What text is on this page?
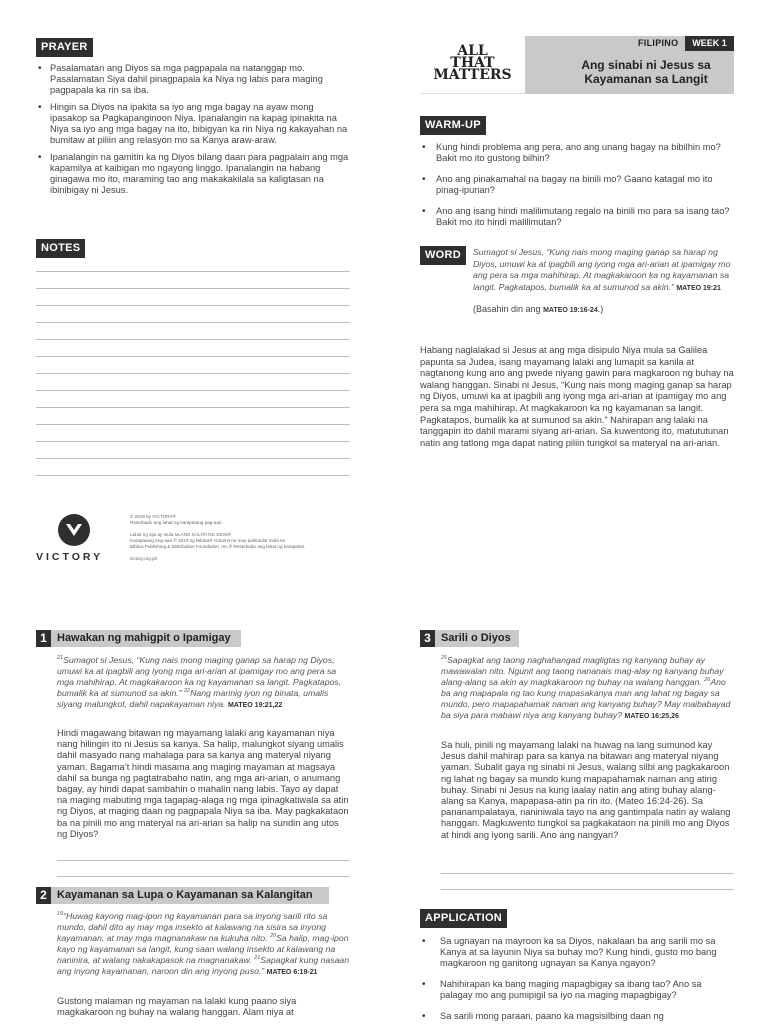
PRAYER
• Pasalamatan ang Diyos sa mga pagpapala na natanggap mo. Pasalamatan Siya dahil pinagpapala ka Niya ng labis para maging pagpapala ka rin sa iba.
• Hingin sa Diyos na ipakita sa iyo ang mga bagay na ayaw mong ipasakop sa Pagkapanginoon Niya. Ipanalangin na kapag ipinakita na Niya sa iyo ang mga bagay na ito, bibigyan ka rin Niya ng kakayahan na bumitaw at piliin ang relasyon mo sa Kanya araw-araw.
• Ipanalangin na gamitin ka ng Diyos bilang daan para pagpalain ang mga kapamilya at kaibigan mo ngayong linggo. Ipanalangin na habang ginagawa mo ito, maraming tao ang makakakilala sa kaligtasan na ibinibigay ni Jesus.
NOTES
VICTORY
© 2018 by VICTORY®
Reserbado ang lahat ng karapatang pag-aari.
Lahat ng sipi ay mula sa ANG SALITA NG DIOS®
Karapatang Ang-aari © 2010 ng Biblica® Ginamit na may pahintulot mula sa
Biblica Publishing & Distribution Foundation, Inc.® Reserbado ang lahat ng karapatan.
victory.org.ph
ALL
THAT
MATTERS
FILIPINO	WEEK 1
Ang sinabi ni Jesus sa
Kayamanan sa Langit
WARM-UP
• Kung hindi problema ang pera, ano ang unang bagay na bibilhin mo? Bakit mo ito gustong bilhin?
• Ano ang pinakamahal na bagay na binili mo? Gaano katagal mo ito pinag-ipunan?
• Ano ang isang hindi malilimutang regalo na binili mo para sa isang tao? Bakit mo ito hindi malilimutan?
WORD	Sumagot si Jesus, “Kung nais mong maging ganap sa harap ng Diyos, umuwi ka at ipagbili ang iyong mga ari-arian at ipamigay mo ang pera sa mga mahihirap. At magkakaroon ka ng kayamanan sa langit. Pagkatapos, bumalik ka at sumunod sa akin.” MATEO 19:21
(Basahin din ang MATEO 19:16-24.)
Habang naglalakad si Jesus at ang mga disipulo Niya mula sa Galilea papunta sa Judea, isang mayamang lalaki ang lumapit sa kanila at nagtanong kung ano ang pwede niyang gawin para magkaroon ng buhay na walang hanggan. Sinabi ni Jesus, “Kung nais mong maging ganap sa harap ng Diyos, umuwi ka at ipagbili ang iyong mga ari-arian at ipamigay mo ang pera sa mga mahihirap. At magkakaroon ka ng kayamanan sa langit. Pagkatapos, bumalik ka at sumunod sa akin.” Nahirapan ang lalaki na tanggapin ito dahil marami siyang ari-arian. Sa kuwentong ito, matututunan natin ang tatlong mga dapat nating piliin tungkol sa materyal na ari-arian.
1 Hawakan ng mahigpit o Ipamigay
$^{21}$Sumagot si Jesus, “Kung nais mong maging ganap sa harap ng Diyos, umuwi ka at ipagbili ang iyong mga ari-arian at ipamigay mo ang pera sa mga mahihirap. At magkakaroon ka ng kayamanan sa langit. Pagkatapos, bumalik ka at sumunod sa akin.” $^{22}$Nang marinig iyon ng binata, umalis siyang malungkot, dahil napakayaman niya. MATEO 19:21,22
Hindi magawang bitawan ng mayamang lalaki ang kayamanan niya nang hilingin ito ni Jesus sa kanya. Sa halip, malungkot siyang umalis dahil masyado nang mahalaga para sa kanya ang materyal niyang yaman. Bagama’t hindi masama ang maging mayaman at magsaya dahil sa bunga ng pagtatrabaho natin, ang mga ari-arian, o anumang bagay, ay hindi dapat sambahin o mahalin nang labis. Tayo ay dapat na maging mabuting mga tagapag-alaga ng mga ipinagkatiwala sa atin ng Diyos, at maging daan ng pagpapala Niya sa iba. May pagkakataon ba na pinili mo ang materyal na ari-arian sa halip na sundin ang utos ng Diyos?
2 Kayamanan sa Lupa o Kayamanan sa Kalangitan
$^{19}$“Huwag kayong mag-ipon ng kayamanan para sa inyong sarili rito sa mundo, dahil dito ay may mga insekto at kalawang na sisira sa inyong kayamanan, at may mga magnanakaw na kukuha nito. $^{20}$Sa halip, mag-ipon kayo ng kayamanan sa langit, kung saan walang insekto at kalawang na naninira, at walang nakakapasok na magnanakaw. $^{21}$Sapagkat kung nasaan ang inyong kayamanan, naroon din ang inyong puso.” MATEO 6:19-21
Gustong malaman ng mayaman na lalaki kung paano siya magkakaroon ng buhay na walang hanggan. Alam niya at
3 Sarili o Diyos
$^{25}$Sapagkat ang taong naghahangad magligtas ng kanyang buhay ay mawawalan nito. Ngunit ang taong nananais mag-alay ng kanyang buhay alang-alang sa akin ay magkakaroon ng buhay na walang hanggan. $^{26}$Ano ba ang mapapala ng tao kung mapasakanya man ang lahat ng bagay sa mundo, pero mapapahamak naman ang kanyang buhay? May maibabayad ba siya para mabawi niya ang kanyang buhay? MATEO 16:25,26
Sa huli, pinili ng mayamang lalaki na huwag na lang sumunod kay Jesus dahil mahirap para sa kanya na bitawan ang materyal niyang yaman. Subalit gaya ng sinabi ni Jesus, walang silbi ang pagkakaroon ng lahat ng bagay sa mundo kung mapapahamak naman ang ating buhay. Sinabi ni Jesus na kung iaalay natin ang ating buhay alang-alang sa Kanya, mapapasa-atin pa rin ito. (Mateo 16:24-26). Sa pananampalataya, naniniwala tayo na ang gantimpala natin ay walang hanggan. Magkuwento tungkol sa pagkakataon na pinili mo ang Diyos at hindi ang iyong sarili. Ano ang nangyari?
APPLICATION
• Sa ugnayan na mayroon ka sa Diyos, nakalaan ba ang sarili mo sa Kanya at sa layunin Niya sa buhay mo? Kung hindi, gusto mo bang magkaroon ng ganitong ugnayan sa Kanya ngayon?
• Nahihirapan ka bang maging mapagbigay sa ibang tao? Ano sa palagay mo ang pumipigil sa iyo na maging mapagbigay?
• Sa sarili mong paraan, paano ka magsisilbing daan ng
